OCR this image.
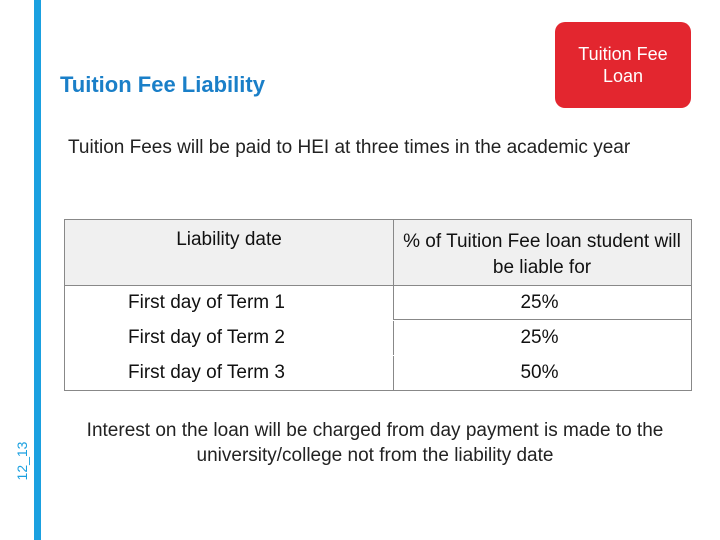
12_13
Tuition Fee Liability
Tuition Fee Loan
Tuition Fees will be paid to HEI at three times in the academic year
Liability date	% of Tuition Fee loan student will be liable for
First day of Term 1	25%
First day of Term 2	25%
First day of Term 3	50%
Interest on the loan will be charged from day payment is made to the university/college not from the liability date
